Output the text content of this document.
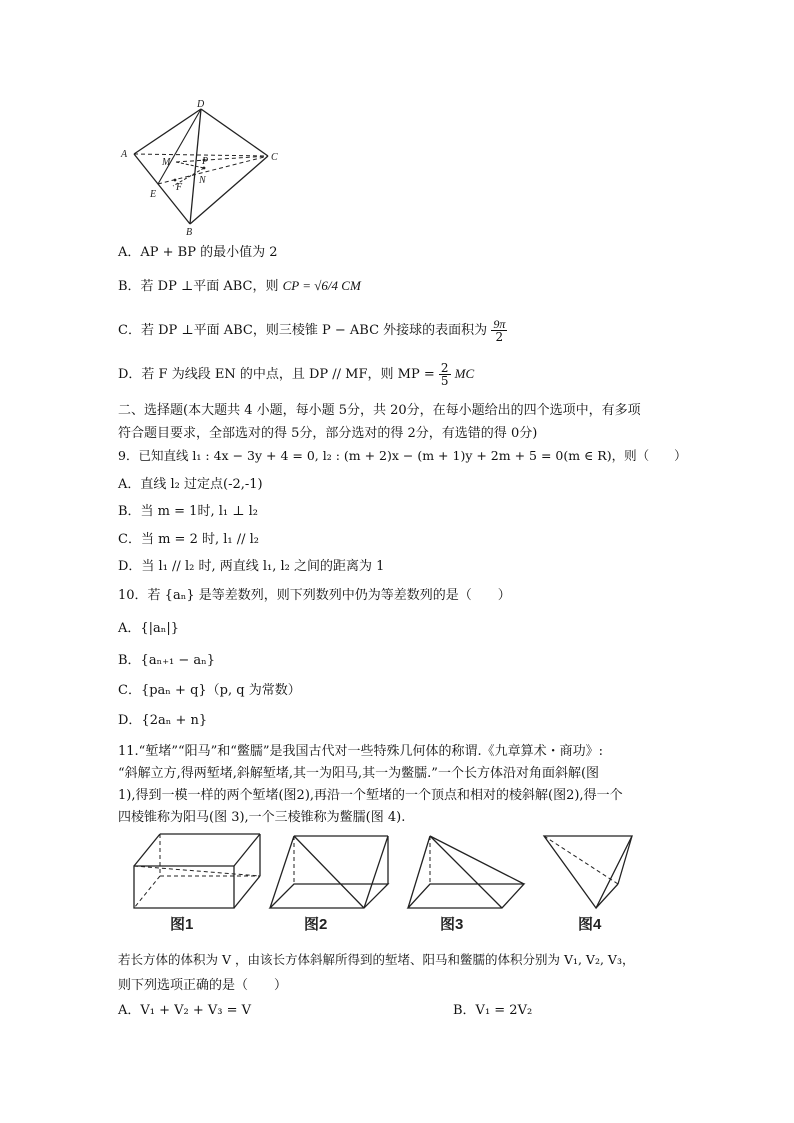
D
A	C
M	P
N
F
E
B
A．AP + BP 的最小值为 2
B．若 DP ⊥平面 ABC，则 CP = √6/4 CM
C．若 DP ⊥平面 ABC，则三棱锥 P − ABC 外接球的表面积为 $\frac{9\pi}{2}$
D．若 F 为线段 EN 的中点，且 DP // MF，则 MP = $\frac{2}{5}$ MC
二、选择题(本大题共 4 小题，每小题 5分，共 20分，在每小题给出的四个选项中，有多项
符合题目要求，全部选对的得 5分，部分选对的得 2分，有选错的得 0分)
9．已知直线 l₁ : 4x − 3y + 4 = 0, l₂ : (m + 2)x − (m + 1)y + 2m + 5 = 0(m ∈ R)，则（　　）
A．直线 l₂ 过定点(-2,-1)
B．当 m = 1时, l₁ ⊥ l₂
C．当 m = 2 时, l₁ // l₂
D．当 l₁ // l₂ 时, 两直线 l₁, l₂ 之间的距离为 1
10．若 {aₙ} 是等差数列，则下列数列中仍为等差数列的是（　　）
A．{|aₙ|}
B．{aₙ₊₁ − aₙ}
C．{paₙ + q}（p, q 为常数）
D．{2aₙ + n}
11.“堑堵”“阳马”和“鳖臑”是我国古代对一些特殊几何体的称谓.《九章算术・商功》:
“斜解立方,得两堑堵,斜解堑堵,其一为阳马,其一为鳖臑.”一个长方体沿对角面斜解(图
1),得到一模一样的两个堑堵(图2),再沿一个堑堵的一个顶点和相对的棱斜解(图2),得一个
四棱锥称为阳马(图 3),一个三棱锥称为鳖臑(图 4).
图1	图2	图3	图4
若长方体的体积为 V ，由该长方体斜解所得到的堑堵、阳马和鳖臑的体积分别为 V₁, V₂, V₃，
则下列选项正确的是（　　）
A．V₁ + V₂ + V₃ = V	B．V₁ = 2V₂
